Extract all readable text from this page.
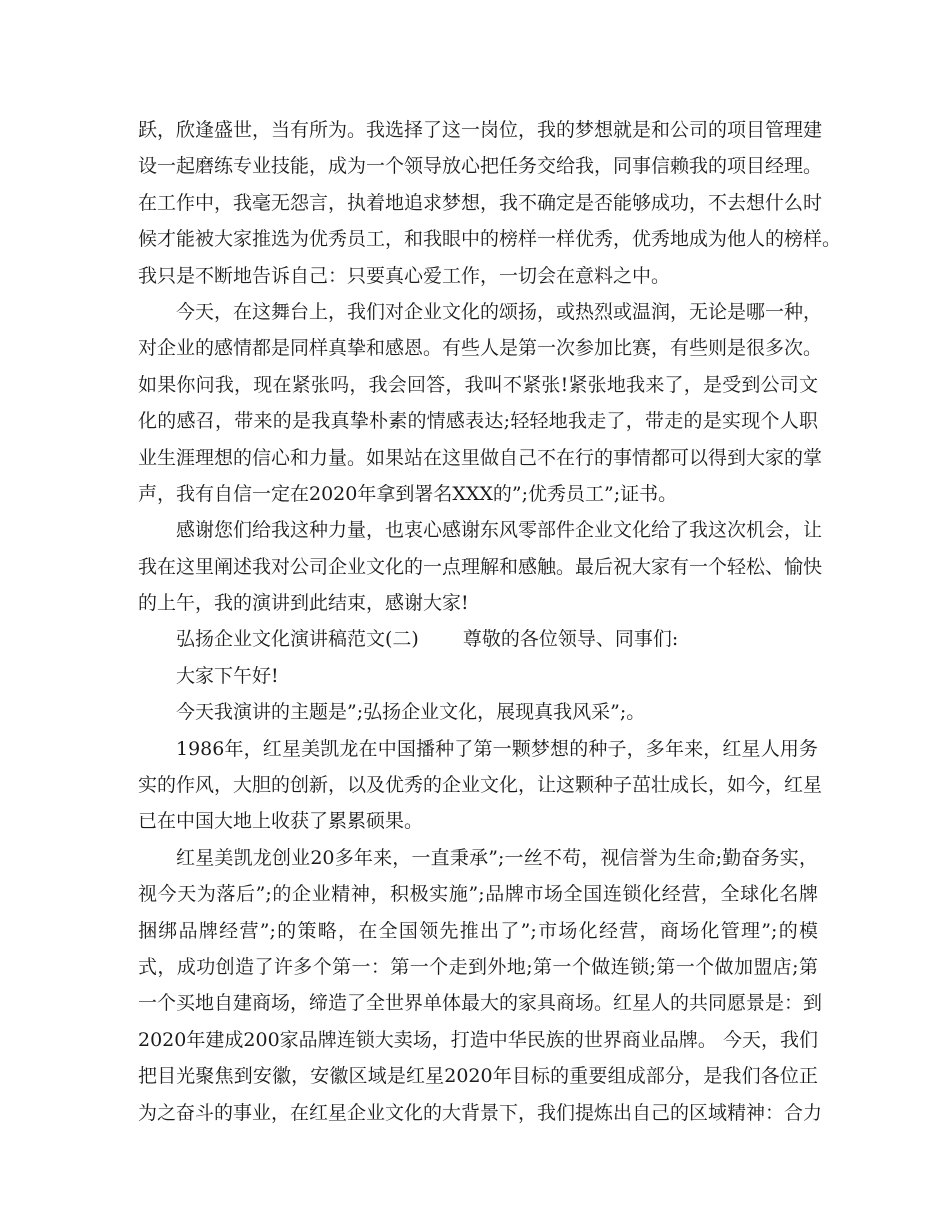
跃，欣逢盛世，当有所为。我选择了这一岗位，我的梦想就是和公司的项目管理建
设一起磨练专业技能，成为一个领导放心把任务交给我，同事信赖我的项目经理。
在工作中，我毫无怨言，执着地追求梦想，我不确定是否能够成功，不去想什么时
候才能被大家推选为优秀员工，和我眼中的榜样一样优秀，优秀地成为他人的榜样。
我只是不断地告诉自己：只要真心爱工作，一切会在意料之中。
今天，在这舞台上，我们对企业文化的颂扬，或热烈或温润，无论是哪一种，
对企业的感情都是同样真挚和感恩。有些人是第一次参加比赛，有些则是很多次。
如果你问我，现在紧张吗，我会回答，我叫不紧张!紧张地我来了，是受到公司文
化的感召，带来的是我真挚朴素的情感表达;轻轻地我走了，带走的是实现个人职
业生涯理想的信心和力量。如果站在这里做自己不在行的事情都可以得到大家的掌
声，我有自信一定在2020年拿到署名XXX的”;优秀员工”;证书。
感谢您们给我这种力量，也衷心感谢东风零部件企业文化给了我这次机会，让
我在这里阐述我对公司企业文化的一点理解和感触。最后祝大家有一个轻松、愉快
的上午，我的演讲到此结束，感谢大家!
弘扬企业文化演讲稿范文(二)　　 尊敬的各位领导、同事们:
大家下午好!
今天我演讲的主题是”;弘扬企业文化，展现真我风采”;。
1986年，红星美凯龙在中国播种了第一颗梦想的种子，多年来，红星人用务
实的作风，大胆的创新，以及优秀的企业文化，让这颗种子茁壮成长，如今，红星
已在中国大地上收获了累累硕果。
红星美凯龙创业20多年来，一直秉承”;一丝不苟，视信誉为生命;勤奋务实，
视今天为落后”;的企业精神，积极实施”;品牌市场全国连锁化经营，全球化名牌
捆绑品牌经营”;的策略，在全国领先推出了”;市场化经营，商场化管理”;的模
式，成功创造了许多个第一：第一个走到外地;第一个做连锁;第一个做加盟店;第
一个买地自建商场，缔造了全世界单体最大的家具商场。红星人的共同愿景是：到
2020年建成200家品牌连锁大卖场，打造中华民族的世界商业品牌。 今天，我们
把目光聚焦到安徽，安徽区域是红星2020年目标的重要组成部分，是我们各位正
为之奋斗的事业，在红星企业文化的大背景下，我们提炼出自己的区域精神：合力
